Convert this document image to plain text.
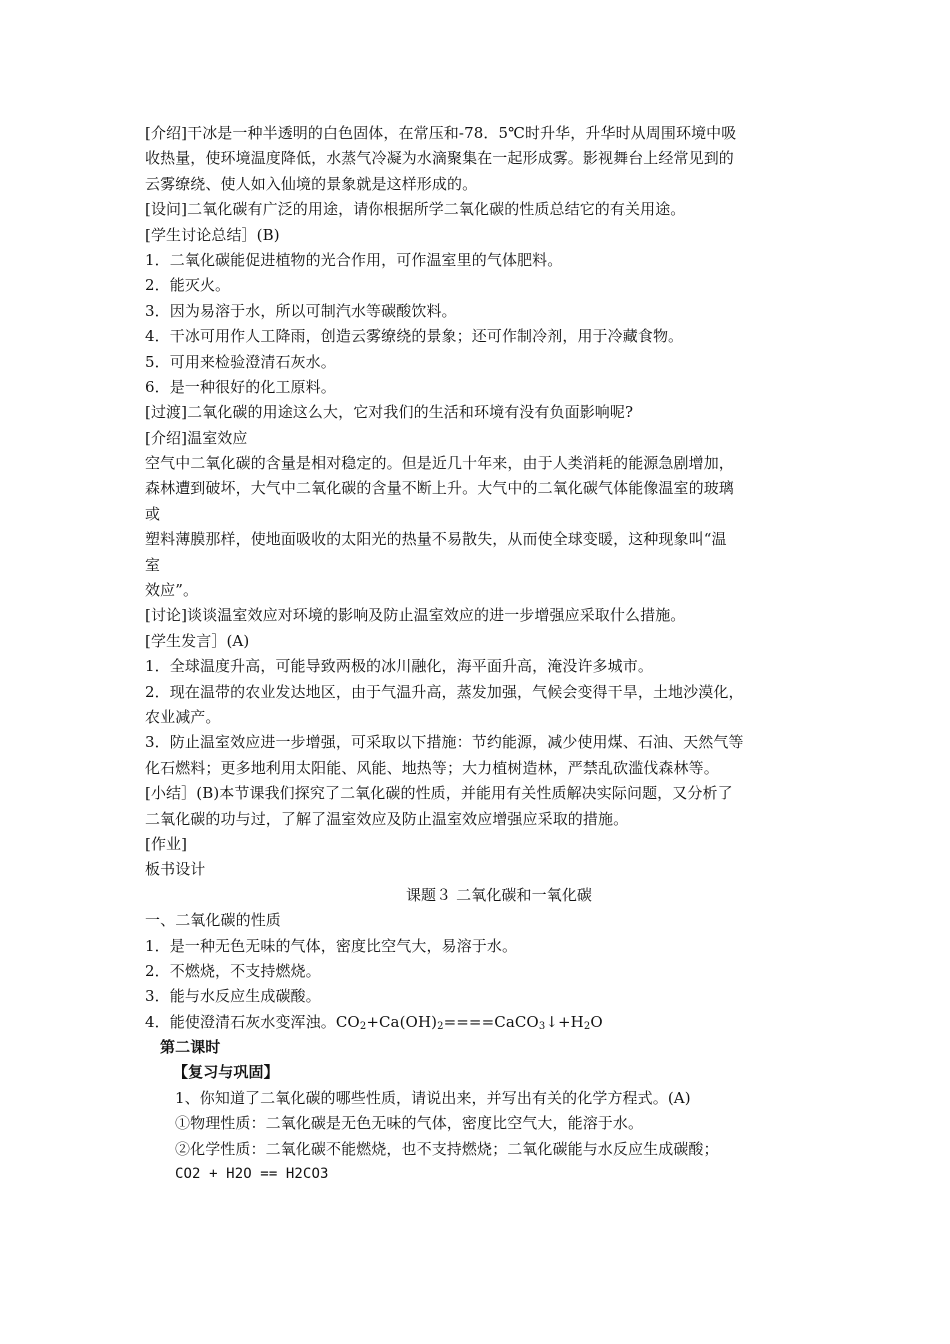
[介绍]干冰是一种半透明的白色固体，在常压和-78．5℃时升华，升华时从周围环境中吸
收热量，使环境温度降低，水蒸气冷凝为水滴聚集在一起形成雾。影视舞台上经常见到的
云雾缭绕、使人如入仙境的景象就是这样形成的。
[设问]二氧化碳有广泛的用途，请你根据所学二氧化碳的性质总结它的有关用途。
[学生讨论总结］(B)
1．二氧化碳能促进植物的光合作用，可作温室里的气体肥料。
2．能灭火。
3．因为易溶于水，所以可制汽水等碳酸饮料。
4．干冰可用作人工降雨，创造云雾缭绕的景象；还可作制冷剂，用于冷藏食物。
5．可用来检验澄清石灰水。
6．是一种很好的化工原料。
[过渡]二氧化碳的用途这么大，它对我们的生活和环境有没有负面影响呢?
[介绍]温室效应
空气中二氧化碳的含量是相对稳定的。但是近几十年来，由于人类消耗的能源急剧增加，
森林遭到破坏，大气中二氧化碳的含量不断上升。大气中的二氧化碳气体能像温室的玻璃
或
塑料薄膜那样，使地面吸收的太阳光的热量不易散失，从而使全球变暖，这种现象叫“温
室
效应”。
[讨论]谈谈温室效应对环境的影响及防止温室效应的进一步增强应采取什么措施。
[学生发言］(A)
1．全球温度升高，可能导致两极的冰川融化，海平面升高，淹没许多城市。
2．现在温带的农业发达地区，由于气温升高，蒸发加强，气候会变得干旱，土地沙漠化，
农业减产。
3．防止温室效应进一步增强，可采取以下措施：节约能源，减少使用煤、石油、天然气等
化石燃料；更多地利用太阳能、风能、地热等；大力植树造林，严禁乱砍滥伐森林等。
[小结］(B)本节课我们探究了二氧化碳的性质，并能用有关性质解决实际问题，又分析了
二氧化碳的功与过，了解了温室效应及防止温室效应增强应采取的措施。
[作业]
板书设计
课题３ 二氧化碳和一氧化碳
一、二氧化碳的性质
1．是一种无色无味的气体，密度比空气大，易溶于水。
2．不燃烧，不支持燃烧。
3．能与水反应生成碳酸。
4．能使澄清石灰水变浑浊。$CO_2+Ca(OH)_2====CaCO_3↓+H_2O$
第二课时
【复习与巩固】
1、你知道了二氧化碳的哪些性质，请说出来，并写出有关的化学方程式。(A)
①物理性质：二氧化碳是无色无味的气体，密度比空气大，能溶于水。
②化学性质：二氧化碳不能燃烧，也不支持燃烧；二氧化碳能与水反应生成碳酸；
CO2 + H2O == H2CO3
